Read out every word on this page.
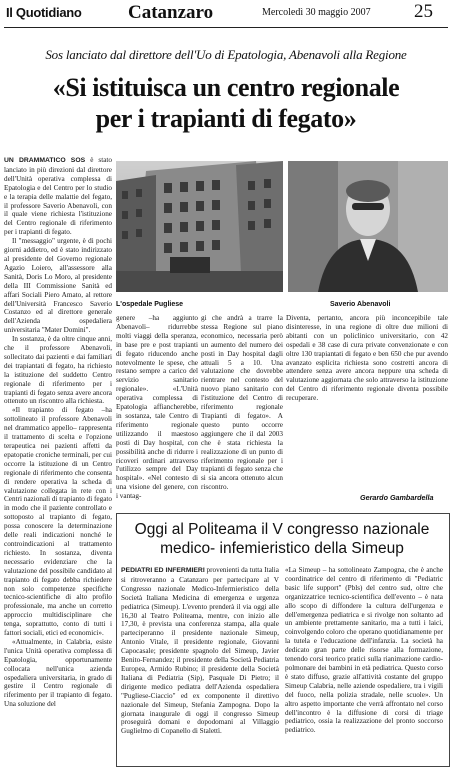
Il Quotidiano Catanzaro	Mercoledì 30 maggio 2007 25
Sos lanciato dal direttore dell'Uo di Epatologia, Abenavoli alla Regione
«Si istituisca un centro regionale
per i trapianti di fegato»

UN DRAMMATICO SOS è stato lanciato in più direzioni dal direttore dell'Unità operativa complessa di Epatologia e del Centro per lo studio e la terapia delle malattie del fegato, il professore Saverio Abenavoli, con il quale viene richiesta l'istituzione del Centro regionale di riferimento per i trapianti di fegato.

Il "messaggio" urgente, è di pochi giorni addietro, ed è stato indirizzato al presidente del Governo regionale Agazio Loiero, all'assessore alla Sanità, Doris Lo Moro, al presidente della III Commissione Sanità ed affari Sociali Piero Amato, al rettore dell'Università Francesco Saverio Costanzo ed al direttore generale dell'Azienda ospedaliera universitaria "Mater Domini".

In sostanza, è da oltre cinque anni, che il professore Abenavoli, sollecitato dai pazienti e dai familiari dei trapiantati di fegato, ha richiesto la istituzione del suddetto Centro regionale di riferimento per i trapianti di fegato senza avere ancora ottenuto un riscontro alla richiesta.

«Il trapianto di fegato –ha sottolineato il professore Abenavoli nel drammatico appello– rappresenta il trattamento di scelta e l'opzione terapeutica nei pazienti affetti da epatopatie croniche terminali, per cui occorre la istituzione di un Centro regionale di riferimento che consenta di rendere operativa la scheda di valutazione collegata in rete con i Centri nazionali di trapianto di fegato in modo che il paziente controllato e sottoposto al trapianto di fegato, possa conoscere la determinazione delle reali indicazioni nonché le controindicazioni al trattamento richiesto. In sostanza, diventa necessario evidenziare che la valutazione del possibile candidato al trapianto di fegato debba richiedere non solo competenze specifiche tecnico-scientifiche di alto profilo professionale, ma anche un corretto approccio multidisciplinare che tenga, soprattutto, conto di tutti i fattori sociali, etici ed economici».

«Attualmente, in Calabria, esiste l'unica Unità operativa complessa di Epatologia, opportunamente collocata nell'unica azienda ospedaliera universitaria, in grado di gestire il Centro regionale di riferimento per il trapianto di fegato. Una soluzione del

L'ospedale Pugliese	Saverio Abenavoli
genere –ha aggiunto Abenavoli– ridurrebbe molti viaggi della speranza, in base pre e post trapianti di fegato riducendo anche notevolmente le spese, che restano sempre a carico del servizio sanitario regionale». «L'Unità operativa complessa di Epatologia affiancherebbe, in sostanza, tale Centro di riferimento regionale utilizzando il maestoso posti di Day hospital, con possibilità anche di ridurre i ricoveri ordinari attraverso l'utilizzo sempre del Day hospital». «Nel contesto di una visione del genere, con i vantag-
gi che andrà a trarre la stessa Regione sul piano economico, necessaria però un aumento del numero dei posti in Day hospital dagli attuali 5 a 10. Una valutazione che dovrebbe rientrare nel contesto del nuovo piano sanitario con l'istituzione del Centro di riferimento regionale Trapianti di fegato». A questo punto occorre aggiungere che il dal 2003 che è stata richiesta la realizzazione di un punto di riferimento regionale per i trapianti di fegato senza che si sia ancora ottenuto alcun riscontro.
Diventa, pertanto, ancora più inconcepibile tale disinteresse, in una regione di oltre due milioni di abitanti con un policlinico universitario, con 42 ospedali e 38 case di cura private convenzionate e con oltre 130 trapiantati di fegato e ben 650 che pur avendo avanzato esplicita richiesta sono costretti ancora di attendere senza avere ancora neppure una scheda di valutazione aggiornata che solo attraverso la istituzione del Centro di riferimento regionale diventa possibile recuperare.
Gerardo Gambardella
Oggi al Politeama il V congresso nazionale
medico- infemieristico della Simeup

PEDIATRI ED INFERMIERI provenienti da tutta Italia si ritroveranno a Catanzaro per partecipare al V Congresso nazionale Medico-Infermieristico della Società Italiana Medicina di emergenza e urgenza pediatrica (Simeup). L'evento prenderà il via oggi alle 16,30 al Teatro Politeama, mentre, con inizio alle 17,30, è prevista una conferenza stampa, alla quale parteciperanno il presidente nazionale Simeup, Antonio Vitale, il presidente regionale, Giovanni Capocasale; presidente spagnolo del Simeup, Javier Benito-Fernandez; il presidente della Società Pediatria Europea, Armido Rubino; il presidente della Società Italiana di Pediatria (Sip), Pasquale Di Pietro; il dirigente medico pediatra dell'Azienda ospedaliera "Pugliese-Ciaccio" ed ex componente il direttivo nazionale del Simeup, Stefania Zampogna. Dopo la giornata inaugurale di oggi il congresso Simeup proseguirà domani e dopodomani al Villaggio Guglielmo di Copanello di Stalettì.

«La Simeup – ha sottolineato Zampogna, che è anche coordinatrice del centro di riferimento di "Pediatric basic life support" (Pbls) del centro sud, oltre che organizzatrice tecnico-scientifica dell'evento – è nata allo scopo di diffondere la cultura dell'urgenza e dell'emergenza pediatrica e si rivolge non soltanto ad un ambiente prettamente sanitario, ma a tutti i laici, coinvolgendo coloro che operano quotidianamente per la tutela e l'educazione dell'infanzia. La società ha dedicato gran parte delle risorse alla formazione, tenendo corsi teorico pratici sulla rianimazione cardio-polmonare dei bambini in età pediatrica. Questo corso è stato diffuso, grazie all'attività costante del gruppo Simeup Calabria, nelle aziende ospedaliere, tra i vigili del fuoco, nella polizia stradale, nelle scuole». Un altro aspetto importante che verrà affrontato nel corso dell'incontro è la diffusione di corsi di triage pediatrico, ossia la realizzazione del pronto soccorso pediatrico.
